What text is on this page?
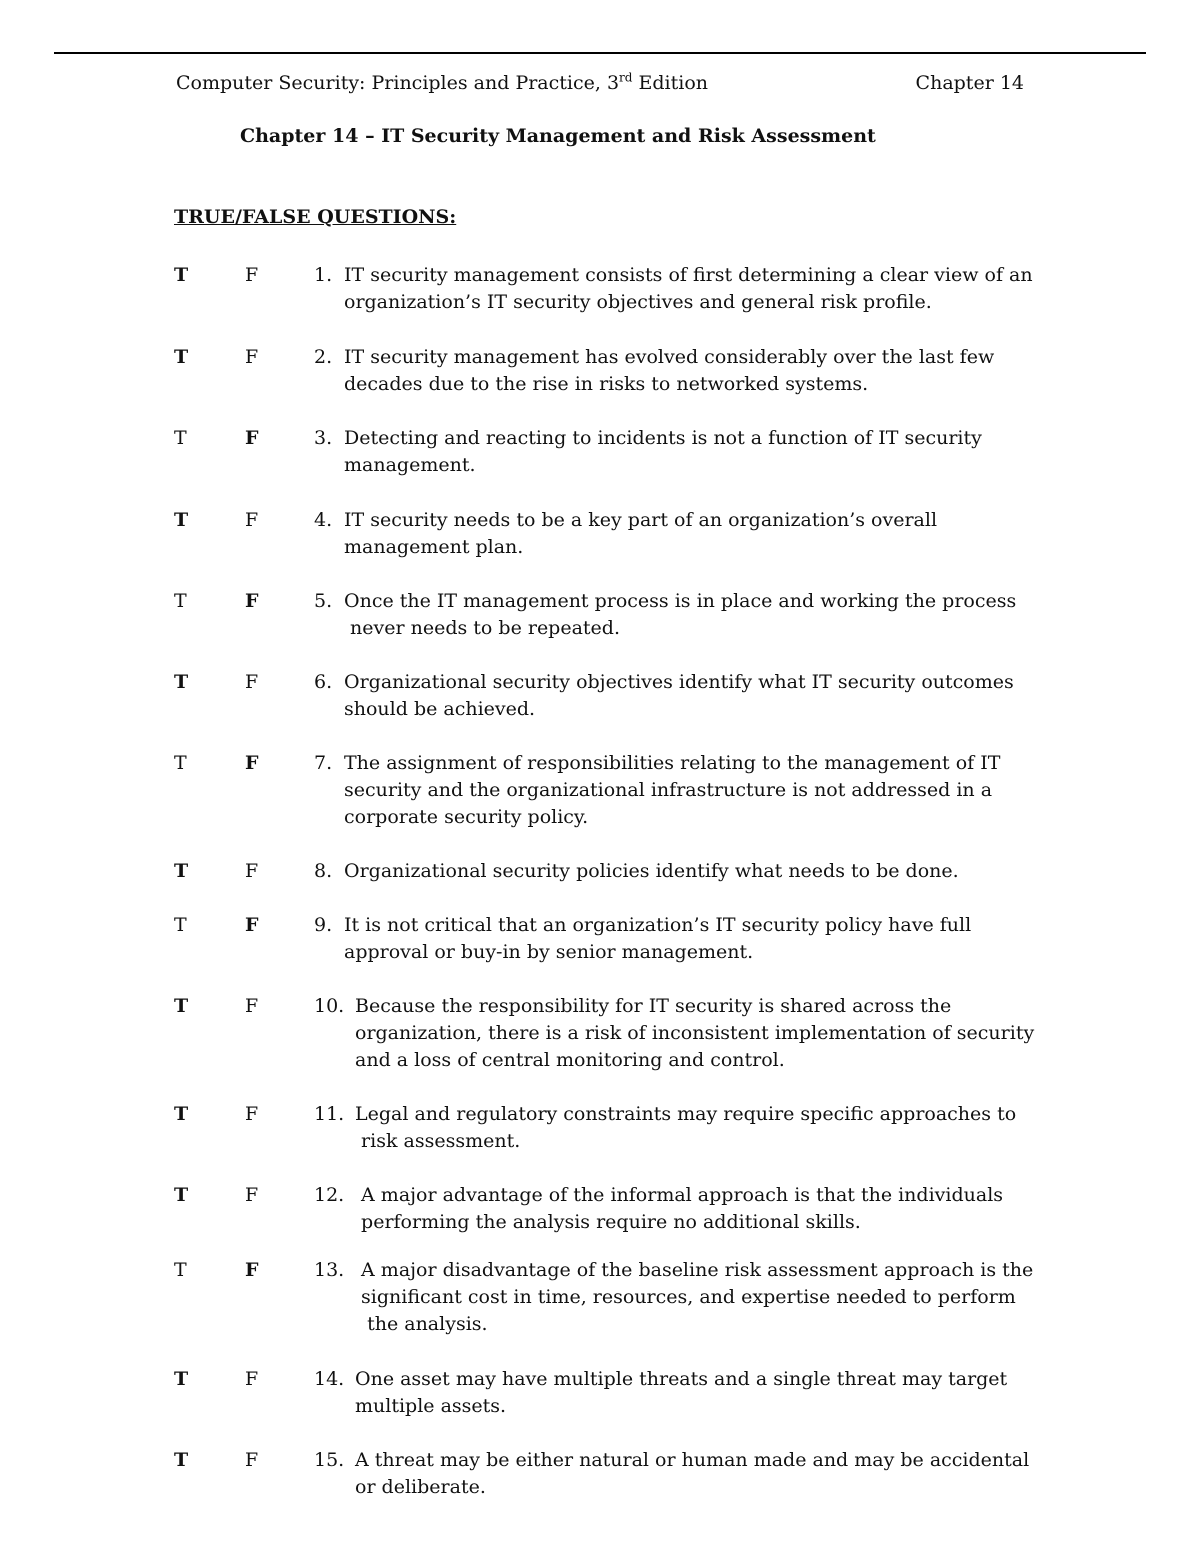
Computer Security: Principles and Practice, 3rd Edition	Chapter 14
Chapter 14 – IT Security Management and Risk Assessment
TRUE/FALSE QUESTIONS:
T	F	1. IT security management consists of first determining a clear view of an
organization’s IT security objectives and general risk profile.
T	F	2. IT security management has evolved considerably over the last few
decades due to the rise in risks to networked systems.
T	F	3. Detecting and reacting to incidents is not a function of IT security
management.
T	F	4. IT security needs to be a key part of an organization’s overall
management plan.
T	F	5. Once the IT management process is in place and working the process
never needs to be repeated.
T	F	6. Organizational security objectives identify what IT security outcomes
should be achieved.
T	F	7. The assignment of responsibilities relating to the management of IT
security and the organizational infrastructure is not addressed in a
corporate security policy.
T	F	8. Organizational security policies identify what needs to be done.
T	F	9. It is not critical that an organization’s IT security policy have full
approval or buy-in by senior management.
T	F	10. Because the responsibility for IT security is shared across the
organization, there is a risk of inconsistent implementation of security
and a loss of central monitoring and control.
T	F	11. Legal and regulatory constraints may require specific approaches to
risk assessment.
T	F	12. A major advantage of the informal approach is that the individuals
performing the analysis require no additional skills.
T	F	13. A major disadvantage of the baseline risk assessment approach is the
significant cost in time, resources, and expertise needed to perform
the analysis.
T	F	14. One asset may have multiple threats and a single threat may target
multiple assets.
T	F	15. A threat may be either natural or human made and may be accidental
or deliberate.
